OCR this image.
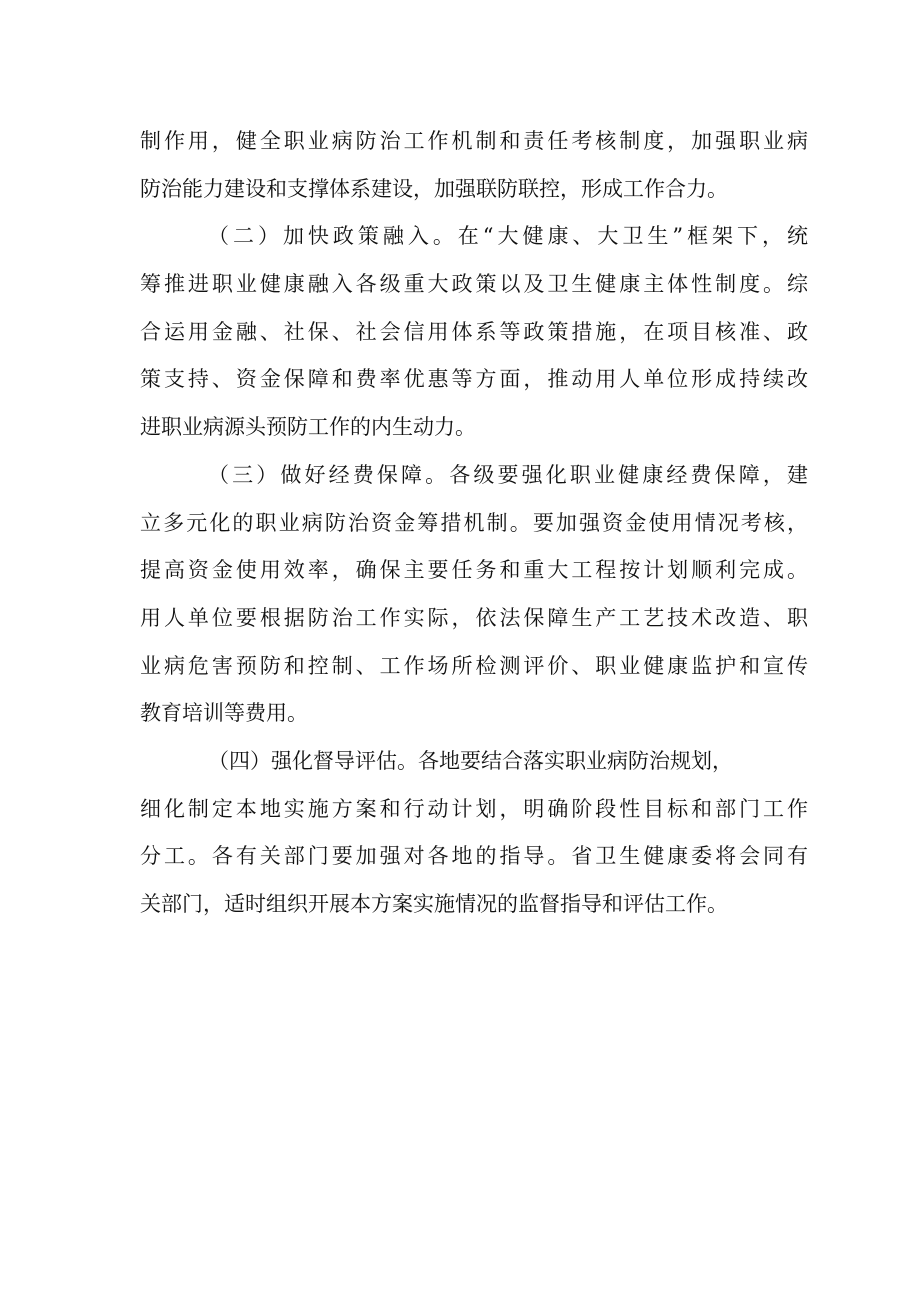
制作用，健全职业病防治工作机制和责任考核制度，加强职业病
防治能力建设和支撑体系建设，加强联防联控，形成工作合力。
（二）加快政策融入。在“大健康、大卫生”框架下，统
筹推进职业健康融入各级重大政策以及卫生健康主体性制度。综
合运用金融、社保、社会信用体系等政策措施，在项目核准、政
策支持、资金保障和费率优惠等方面，推动用人单位形成持续改
进职业病源头预防工作的内生动力。
（三）做好经费保障。各级要强化职业健康经费保障，建
立多元化的职业病防治资金筹措机制。要加强资金使用情况考核，
提高资金使用效率，确保主要任务和重大工程按计划顺利完成。
用人单位要根据防治工作实际，依法保障生产工艺技术改造、职
业病危害预防和控制、工作场所检测评价、职业健康监护和宣传
教育培训等费用。
（四）强化督导评估。各地要结合落实职业病防治规划，
细化制定本地实施方案和行动计划，明确阶段性目标和部门工作
分工。各有关部门要加强对各地的指导。省卫生健康委将会同有
关部门，适时组织开展本方案实施情况的监督指导和评估工作。
